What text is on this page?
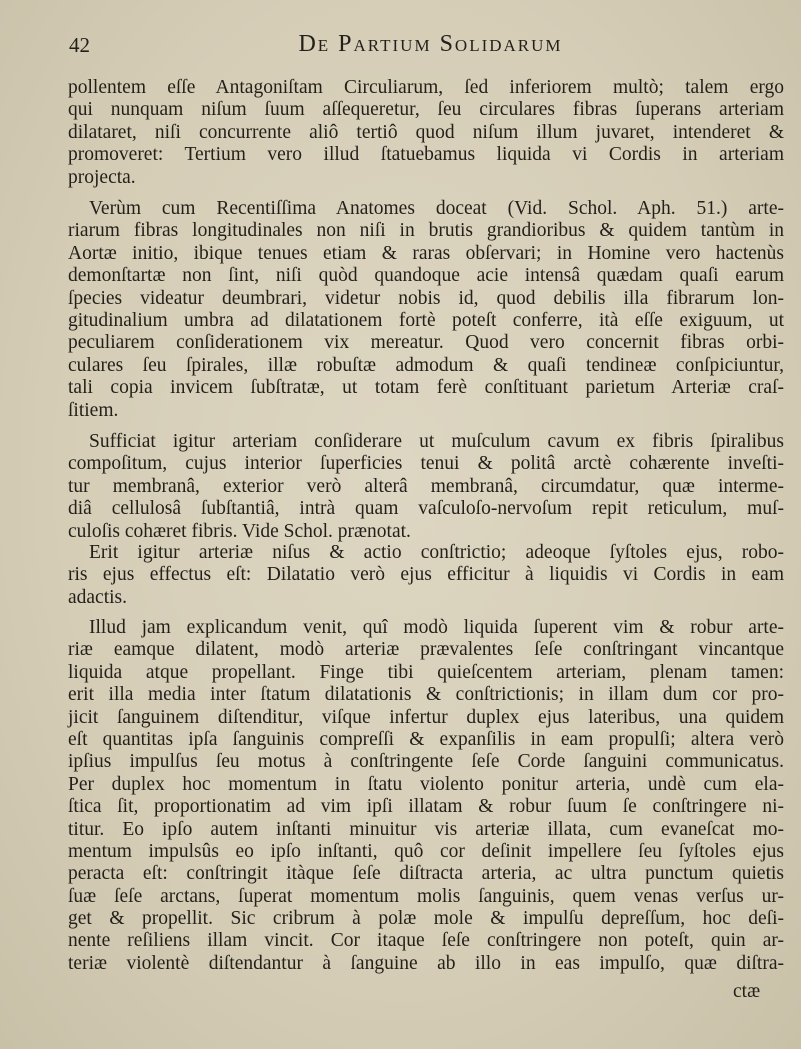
42	De Partium Solidarum
pollentem eſſe Antagoniſtam Circuliarum, ſed inferiorem multò; talem ergo
qui nunquam niſum ſuum aſſequeretur, ſeu circulares fibras ſuperans arteriam
dilataret, niſi concurrente aliô tertiô quod niſum illum juvaret, intenderet &
promoveret: Tertium vero illud ſtatuebamus liquida vi Cordis in arteriam
projecta.
Verùm cum Recentiſſima Anatomes doceat (Vid. Schol. Aph. 51.) arte-
riarum fibras longitudinales non niſi in brutis grandioribus & quidem tantùm in
Aortæ initio, ibique tenues etiam & raras obſervari; in Homine vero hactenùs
demonſtartæ non ſint, niſi quòd quandoque acie intensâ quædam quaſi earum
ſpecies videatur deumbrari, videtur nobis id, quod debilis illa fibrarum lon-
gitudinalium umbra ad dilatationem fortè poteſt conferre, ità eſſe exiguum, ut
peculiarem conſiderationem vix mereatur. Quod vero concernit fibras orbi-
culares ſeu ſpirales, illæ robuſtæ admodum & quaſi tendineæ conſpiciuntur,
tali copia invicem ſubſtratæ, ut totam ferè conſtituant parietum Arteriæ craſ-
ſitiem.
Sufficiat igitur arteriam conſiderare ut muſculum cavum ex fibris ſpiralibus
compoſitum, cujus interior ſuperficies tenui & politâ arctè cohærente inveſti-
tur membranâ, exterior verò alterâ membranâ, circumdatur, quæ interme-
diâ cellulosâ ſubſtantiâ, intrà quam vaſculoſo-nervoſum repit reticulum, muſ-
culoſis cohæret fibris. Vide Schol. prænotat.
Erit igitur arteriæ niſus & actio conſtrictio; adeoque ſyſtoles ejus, robo-
ris ejus effectus eſt: Dilatatio verò ejus efficitur à liquidis vi Cordis in eam
adactis.
Illud jam explicandum venit, quî modò liquida ſuperent vim & robur arte-
riæ eamque dilatent, modò arteriæ prævalentes ſeſe conſtringant vincantque
liquida atque propellant. Finge tibi quieſcentem arteriam, plenam tamen:
erit illa media inter ſtatum dilatationis & conſtrictionis; in illam dum cor pro-
jicit ſanguinem diſtenditur, viſque infertur duplex ejus lateribus, una quidem
eſt quantitas ipſa ſanguinis compreſſi & expanſilis in eam propulſi; altera verò
ipſius impulſus ſeu motus à conſtringente ſeſe Corde ſanguini communicatus.
Per duplex hoc momentum in ſtatu violento ponitur arteria, undè cum ela-
ſtica ſit, proportionatim ad vim ipſi illatam & robur ſuum ſe conſtringere ni-
titur. Eo ipſo autem inſtanti minuitur vis arteriæ illata, cum evaneſcat mo-
mentum impulsûs eo ipſo inſtanti, quô cor deſinit impellere ſeu ſyſtoles ejus
peracta eſt: conſtringit itàque ſeſe diſtracta arteria, ac ultra punctum quietis
ſuæ ſeſe arctans, ſuperat momentum molis ſanguinis, quem venas verſus ur-
get & propellit. Sic cribrum à polæ mole & impulſu depreſſum, hoc deſi-
nente reſiliens illam vincit. Cor itaque ſeſe conſtringere non poteſt, quin ar-
teriæ violentè diſtendantur à ſanguine ab illo in eas impulſo, quæ diſtra-
ctæ
